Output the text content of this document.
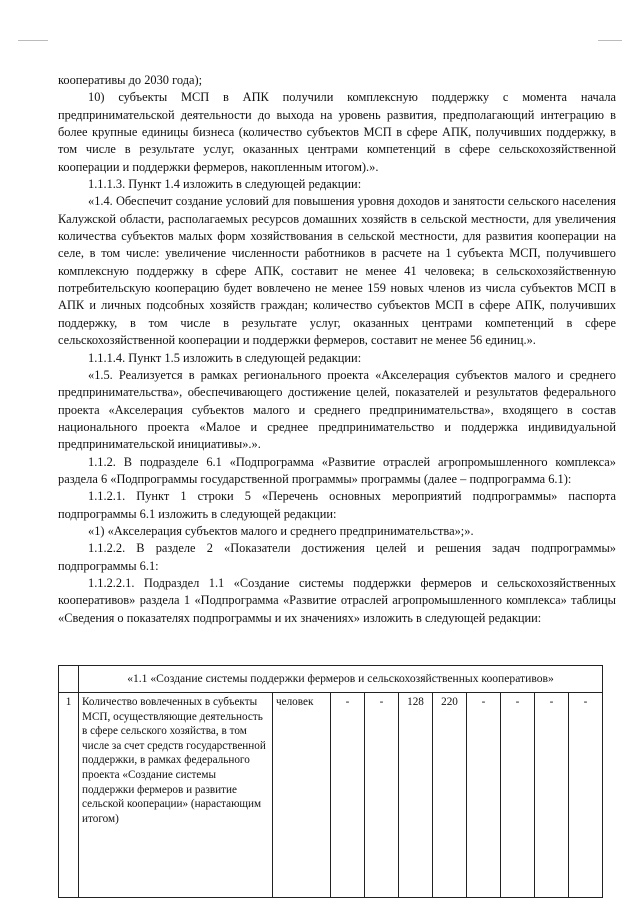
кооперативы до 2030 года);

10) субъекты МСП в АПК получили комплексную поддержку с момента начала предпринимательской деятельности до выхода на уровень развития, предполагающий интеграцию в более крупные единицы бизнеса (количество субъектов МСП в сфере АПК, получивших поддержку, в том числе в результате услуг, оказанных центрами компетенций в сфере сельскохозяйственной кооперации и поддержки фермеров, накопленным итогом).».

1.1.1.3. Пункт 1.4 изложить в следующей редакции:

«1.4. Обеспечит создание условий для повышения уровня доходов и занятости сельского населения Калужской области, располагаемых ресурсов домашних хозяйств в сельской местности, для увеличения количества субъектов малых форм хозяйствования в сельской местности, для развития кооперации на селе, в том числе: увеличение численности работников в расчете на 1 субъекта МСП, получившего комплексную поддержку в сфере АПК, составит не менее 41 человека; в сельскохозяйственную потребительскую кооперацию будет вовлечено не менее 159 новых членов из числа субъектов МСП в АПК и личных подсобных хозяйств граждан; количество субъектов МСП в сфере АПК, получивших поддержку, в том числе в результате услуг, оказанных центрами компетенций в сфере сельскохозяйственной кооперации и поддержки фермеров, составит не менее 56 единиц.».

1.1.1.4. Пункт 1.5 изложить в следующей редакции:

«1.5. Реализуется в рамках регионального проекта «Акселерация субъектов малого и среднего предпринимательства», обеспечивающего достижение целей, показателей и результатов федерального проекта «Акселерация субъектов малого и среднего предпринимательства», входящего в состав национального проекта «Малое и среднее предпринимательство и поддержка индивидуальной предпринимательской инициативы».».

1.1.2. В подразделе 6.1 «Подпрограмма «Развитие отраслей агропромышленного комплекса» раздела 6 «Подпрограммы государственной программы» программы (далее – подпрограмма 6.1):

1.1.2.1. Пункт 1 строки 5 «Перечень основных мероприятий подпрограммы» паспорта подпрограммы 6.1 изложить в следующей редакции:

«1) «Акселерация субъектов малого и среднего предпринимательства»;».

1.1.2.2. В разделе 2 «Показатели достижения целей и решения задач подпрограммы» подпрограммы 6.1:

1.1.2.2.1. Подраздел 1.1 «Создание системы поддержки фермеров и сельскохозяйственных кооперативов» раздела 1 «Подпрограмма «Развитие отраслей агропромышленного комплекса» таблицы «Сведения о показателях подпрограммы и их значениях» изложить в следующей редакции:

	«1.1 «Создание системы поддержки фермеров и сельскохозяйственных кооперативов»									
1	Количество вовлеченных в субъекты МСП, осуществляющие деятельность в сфере сельского хозяйства, в том числе за счет средств государственной поддержки, в рамках федерального проекта «Создание системы поддержки фермеров и развитие сельской кооперации» (нарастающим итогом)	человек	-	-	128	220	-	-	-	-
